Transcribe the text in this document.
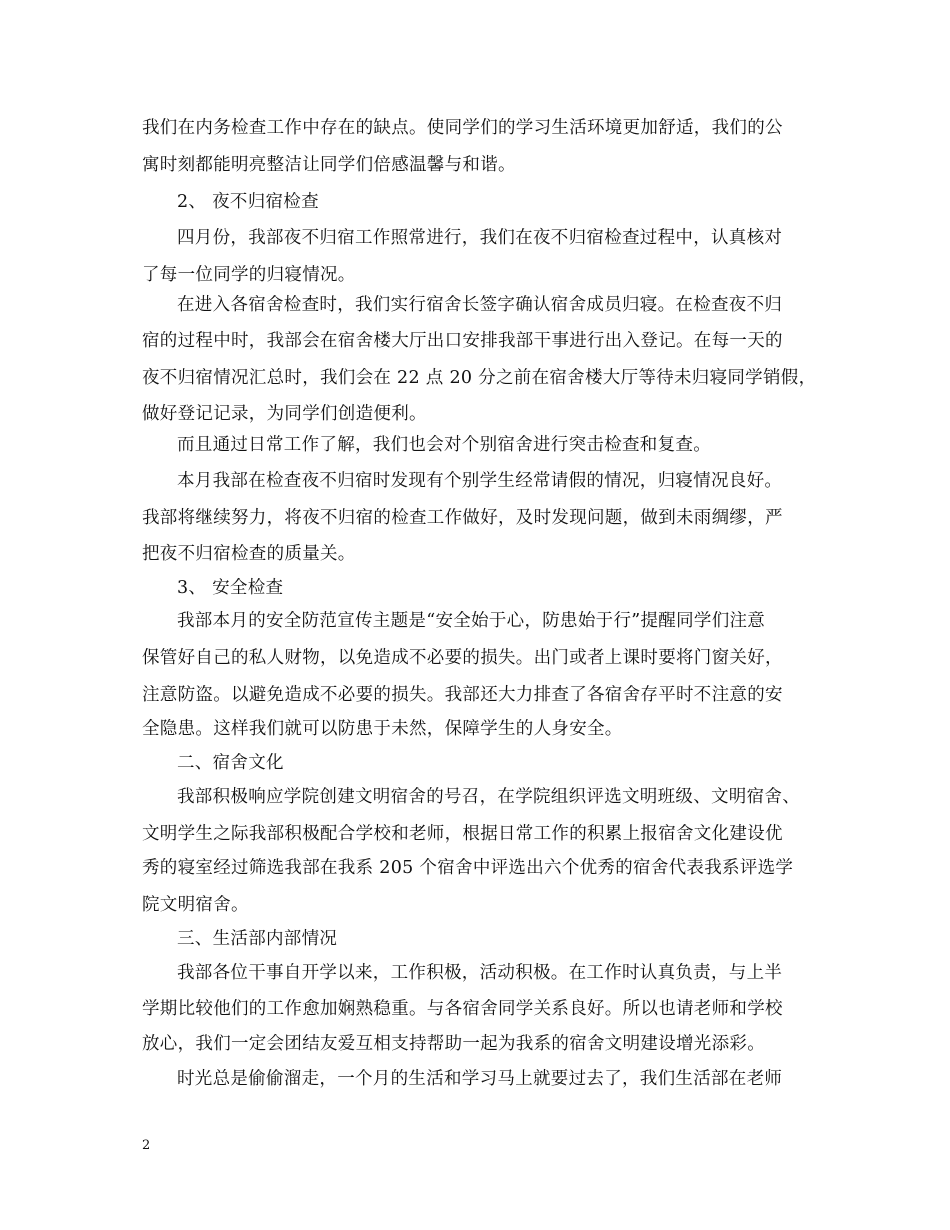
我们在内务检查工作中存在的缺点。使同学们的学习生活环境更加舒适，我们的公
寓时刻都能明亮整洁让同学们倍感温馨与和谐。
2、 夜不归宿检查
四月份，我部夜不归宿工作照常进行，我们在夜不归宿检查过程中，认真核对
了每一位同学的归寝情况。
在进入各宿舍检查时，我们实行宿舍长签字确认宿舍成员归寝。在检查夜不归
宿的过程中时，我部会在宿舍楼大厅出口安排我部干事进行出入登记。在每一天的
夜不归宿情况汇总时，我们会在 22 点 20 分之前在宿舍楼大厅等待未归寝同学销假，
做好登记记录，为同学们创造便利。
而且通过日常工作了解，我们也会对个别宿舍进行突击检查和复查。
本月我部在检查夜不归宿时发现有个别学生经常请假的情况，归寝情况良好。
我部将继续努力，将夜不归宿的检查工作做好，及时发现问题，做到未雨绸缪，严
把夜不归宿检查的质量关。
3、 安全检查
我部本月的安全防范宣传主题是“安全始于心，防患始于行”提醒同学们注意
保管好自己的私人财物，以免造成不必要的损失。出门或者上课时要将门窗关好，
注意防盗。以避免造成不必要的损失。我部还大力排查了各宿舍存平时不注意的安
全隐患。这样我们就可以防患于未然，保障学生的人身安全。
二、宿舍文化
我部积极响应学院创建文明宿舍的号召，在学院组织评选文明班级、文明宿舍、
文明学生之际我部积极配合学校和老师，根据日常工作的积累上报宿舍文化建设优
秀的寝室经过筛选我部在我系 205 个宿舍中评选出六个优秀的宿舍代表我系评选学
院文明宿舍。
三、生活部内部情况
我部各位干事自开学以来，工作积极，活动积极。在工作时认真负责，与上半
学期比较他们的工作愈加娴熟稳重。与各宿舍同学关系良好。所以也请老师和学校
放心，我们一定会团结友爱互相支持帮助一起为我系的宿舍文明建设增光添彩。
时光总是偷偷溜走，一个月的生活和学习马上就要过去了，我们生活部在老师
2
